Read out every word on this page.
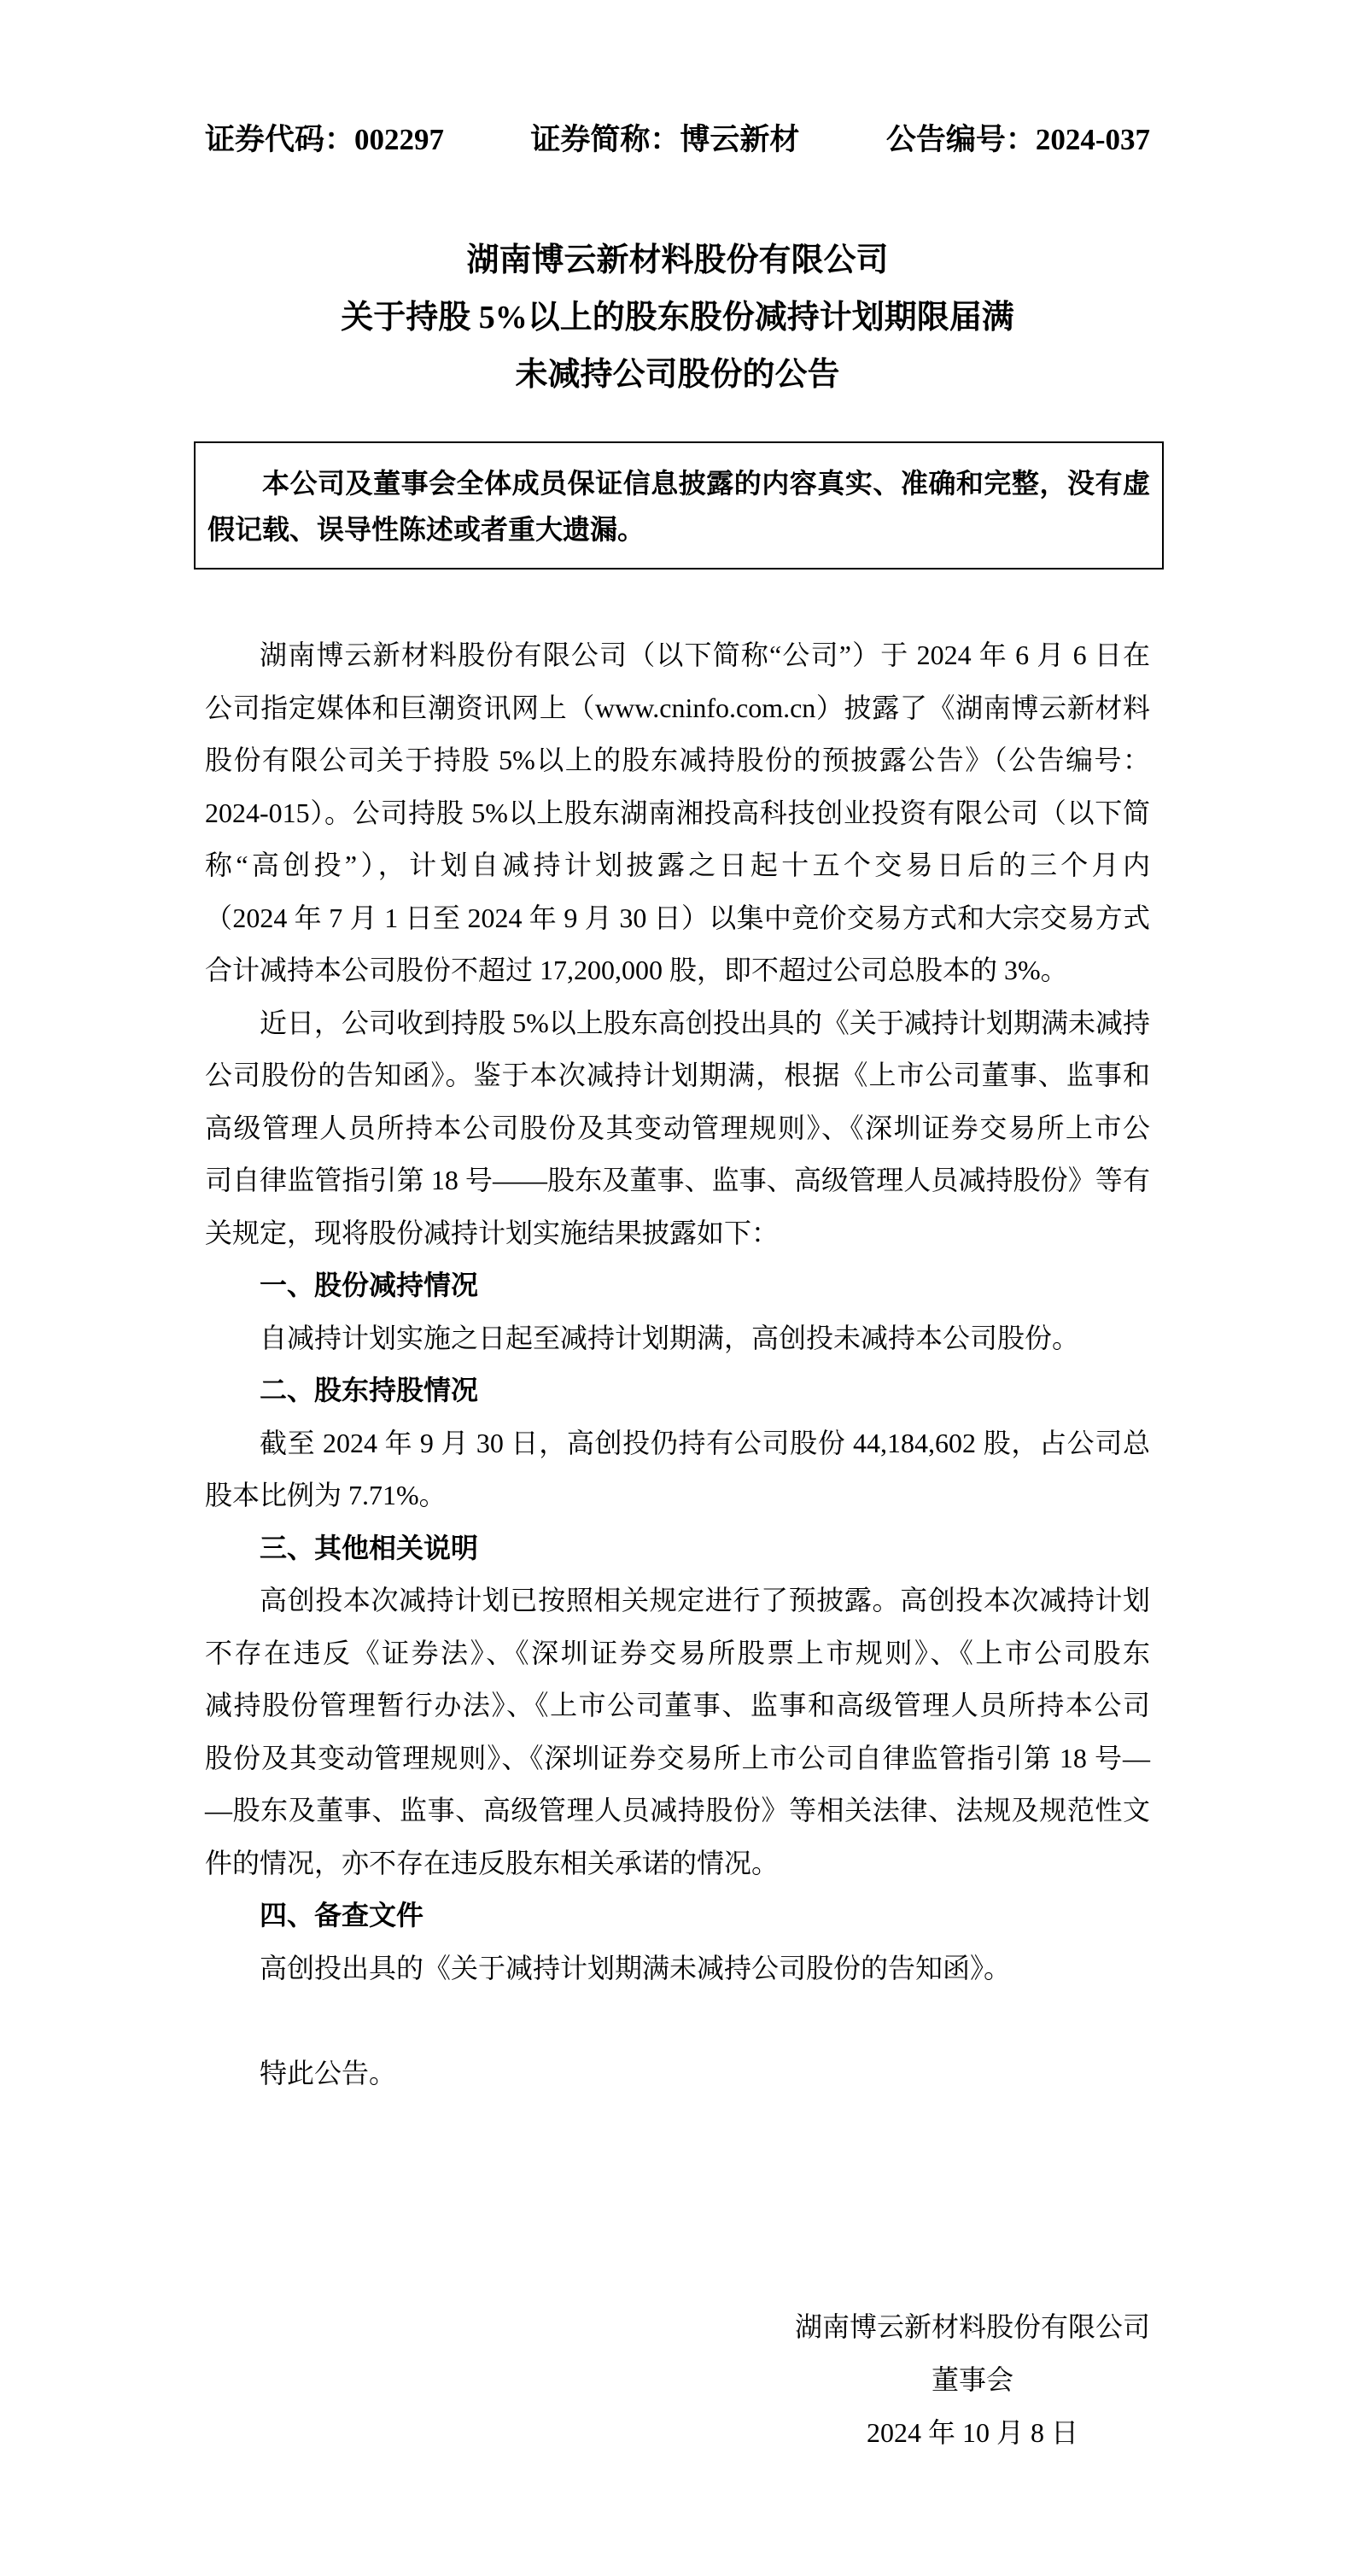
证券代码：002297	证券简称：博云新材	公告编号：2024-037
湖南博云新材料股份有限公司
关于持股 5%以上的股东股份减持计划期限届满
未减持公司股份的公告
本公司及董事会全体成员保证信息披露的内容真实、准确和完整，没有虚
假记载、误导性陈述或者重大遗漏。
湖南博云新材料股份有限公司（以下简称“公司”）于 2024 年 6 月 6 日在
公司指定媒体和巨潮资讯网上（www.cninfo.com.cn）披露了《湖南博云新材料
股份有限公司关于持股 5%以上的股东减持股份的预披露公告》（公告编号：
2024-015）。公司持股 5%以上股东湖南湘投高科技创业投资有限公司（以下简
称“高创投”），计划自减持计划披露之日起十五个交易日后的三个月内
（2024 年 7 月 1 日至 2024 年 9 月 30 日）以集中竞价交易方式和大宗交易方式
合计减持本公司股份不超过 17,200,000 股，即不超过公司总股本的 3%。
近日，公司收到持股 5%以上股东高创投出具的《关于减持计划期满未减持
公司股份的告知函》。鉴于本次减持计划期满，根据《上市公司董事、监事和
高级管理人员所持本公司股份及其变动管理规则》、《深圳证券交易所上市公
司自律监管指引第 18 号——股东及董事、监事、高级管理人员减持股份》等有
关规定，现将股份减持计划实施结果披露如下：
一、股份减持情况
自减持计划实施之日起至减持计划期满，高创投未减持本公司股份。
二、股东持股情况
截至 2024 年 9 月 30 日，高创投仍持有公司股份 44,184,602 股，占公司总
股本比例为 7.71%。
三、其他相关说明
高创投本次减持计划已按照相关规定进行了预披露。高创投本次减持计划
不存在违反《证券法》、《深圳证券交易所股票上市规则》、《上市公司股东
减持股份管理暂行办法》、《上市公司董事、监事和高级管理人员所持本公司
股份及其变动管理规则》、《深圳证券交易所上市公司自律监管指引第 18 号—
—股东及董事、监事、高级管理人员减持股份》等相关法律、法规及规范性文
件的情况，亦不存在违反股东相关承诺的情况。
四、备查文件
高创投出具的《关于减持计划期满未减持公司股份的告知函》。
特此公告。
湖南博云新材料股份有限公司
董事会
2024 年 10 月 8 日
